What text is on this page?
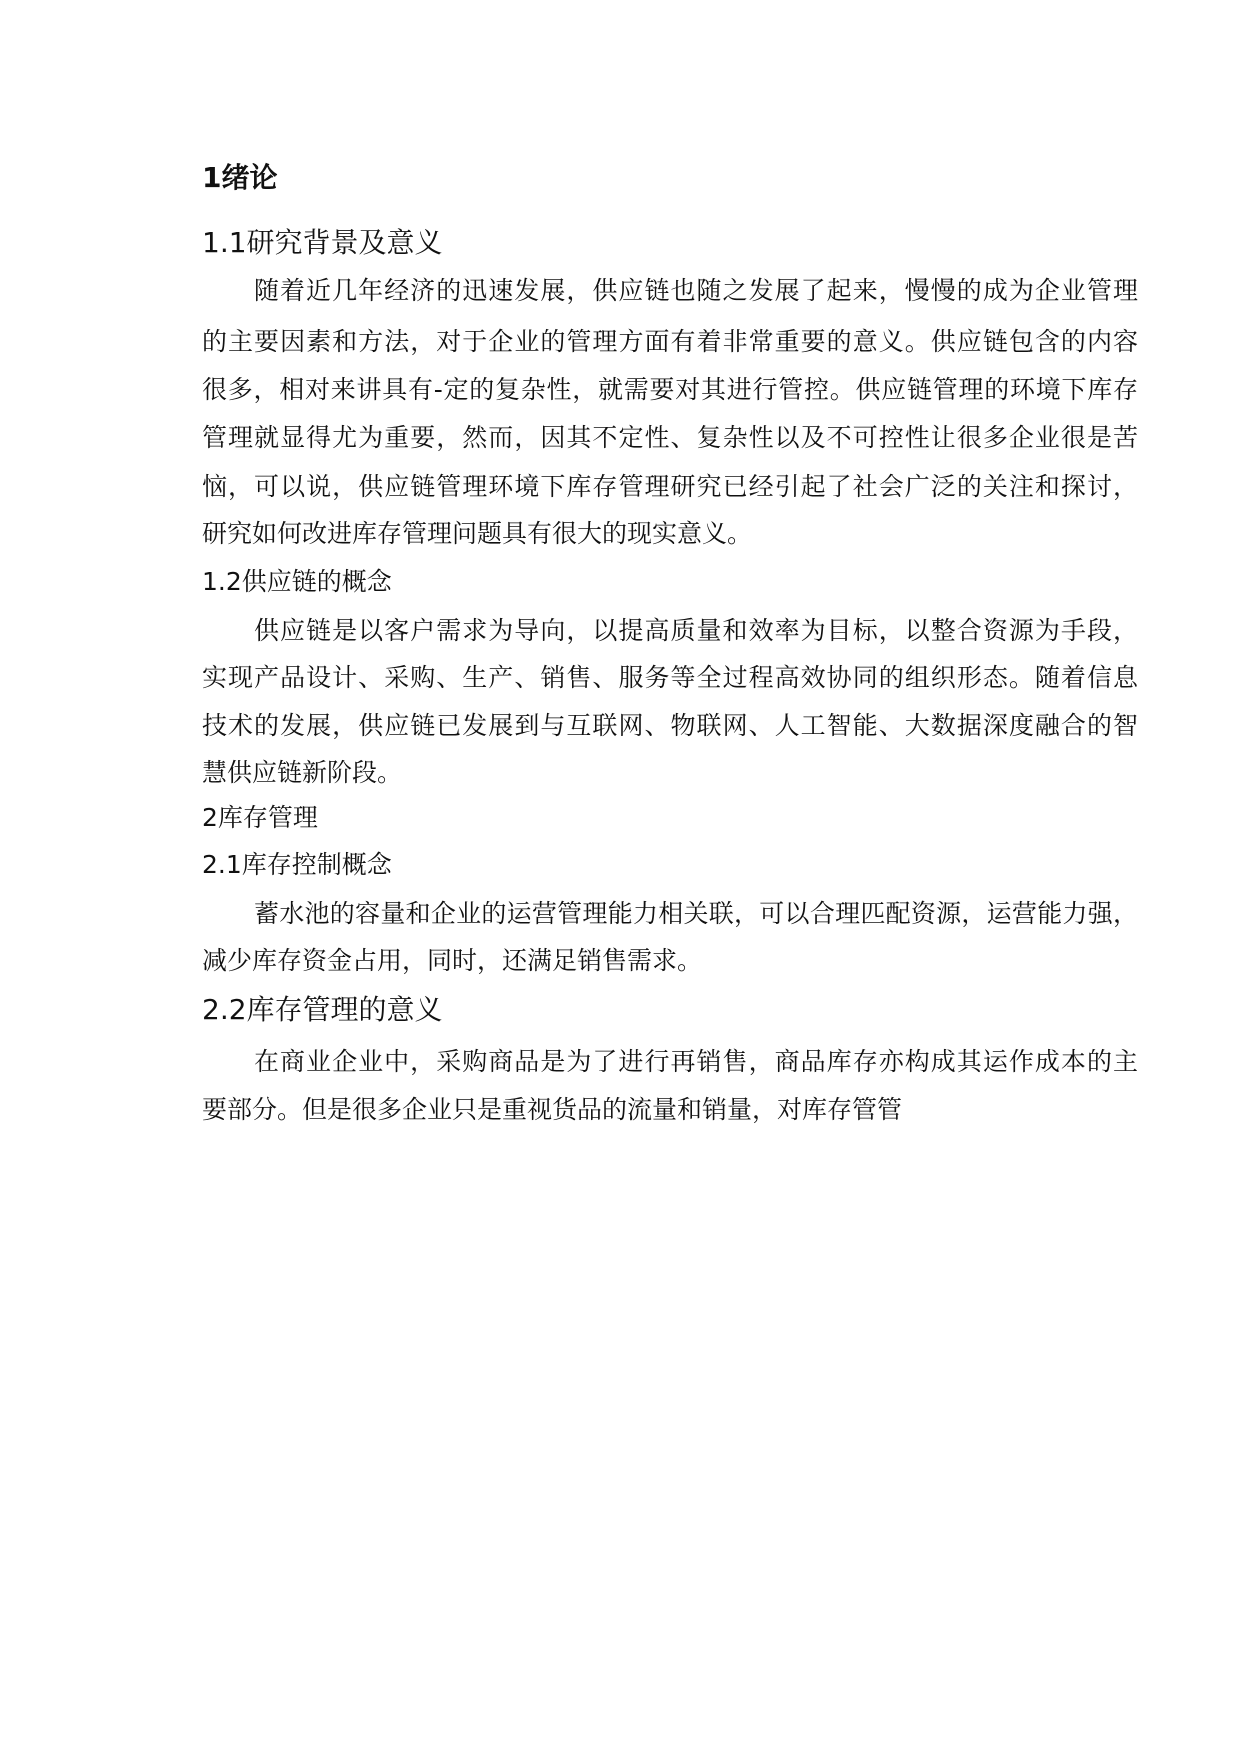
1绪论
1.1研究背景及意义
随着近几年经济的迅速发展，供应链也随之发展了起来，慢慢的成为企业管理
的主要因素和方法，对于企业的管理方面有着非常重要的意义。供应链包含的内容
很多，相对来讲具有-定的复杂性，就需要对其进行管控。供应链管理的环境下库存
管理就显得尤为重要，然而，因其不定性、复杂性以及不可控性让很多企业很是苦
恼，可以说，供应链管理环境下库存管理研究已经引起了社会广泛的关注和探讨，
研究如何改进库存管理问题具有很大的现实意义。
1.2供应链的概念
供应链是以客户需求为导向，以提高质量和效率为目标，以整合资源为手段，
实现产品设计、采购、生产、销售、服务等全过程高效协同的组织形态。随着信息
技术的发展，供应链已发展到与互联网、物联网、人工智能、大数据深度融合的智
慧供应链新阶段。
2库存管理
2.1库存控制概念
蓄水池的容量和企业的运营管理能力相关联，可以合理匹配资源，运营能力强，
减少库存资金占用，同时，还满足销售需求。
2.2库存管理的意义
在商业企业中，采购商品是为了进行再销售，商品库存亦构成其运作成本的主
要部分。但是很多企业只是重视货品的流量和销量，对库存管管
